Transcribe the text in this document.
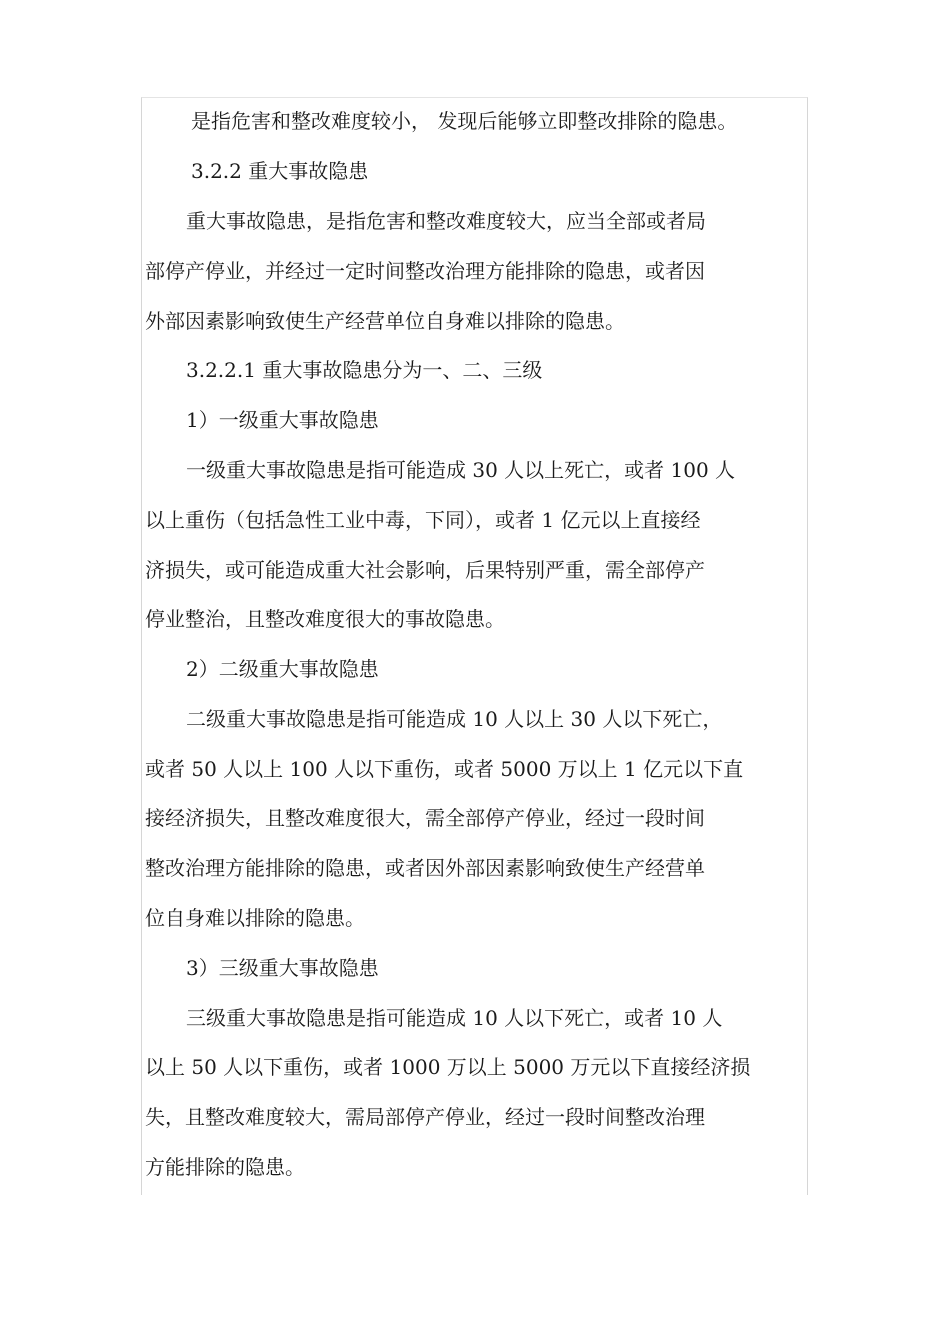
是指危害和整改难度较小， 发现后能够立即整改排除的隐患。
3.2.2 重大事故隐患
重大事故隐患，是指危害和整改难度较大，应当全部或者局
部停产停业，并经过一定时间整改治理方能排除的隐患，或者因
外部因素影响致使生产经营单位自身难以排除的隐患。
3.2.2.1 重大事故隐患分为一、二、三级
1）一级重大事故隐患
一级重大事故隐患是指可能造成 30 人以上死亡，或者 100 人
以上重伤（包括急性工业中毒，下同），或者 1 亿元以上直接经
济损失，或可能造成重大社会影响，后果特别严重，需全部停产
停业整治，且整改难度很大的事故隐患。
2）二级重大事故隐患
二级重大事故隐患是指可能造成 10 人以上 30 人以下死亡，
或者 50 人以上 100 人以下重伤，或者 5000 万以上 1 亿元以下直
接经济损失，且整改难度很大，需全部停产停业，经过一段时间
整改治理方能排除的隐患，或者因外部因素影响致使生产经营单
位自身难以排除的隐患。
3）三级重大事故隐患
三级重大事故隐患是指可能造成 10 人以下死亡，或者 10 人
以上 50 人以下重伤，或者 1000 万以上 5000 万元以下直接经济损
失，且整改难度较大，需局部停产停业，经过一段时间整改治理
方能排除的隐患。
